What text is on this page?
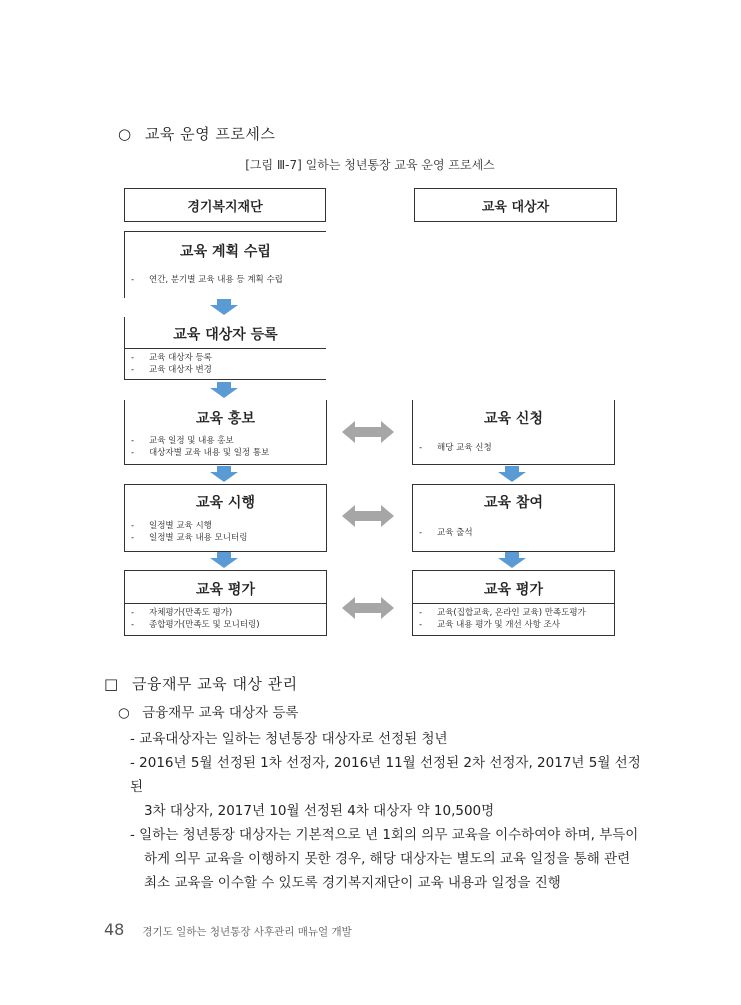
○ 교육 운영 프로세스
[그림 Ⅲ-7] 일하는 청년통장 교육 운영 프로세스
경기복지재단	교육 대상자
교육 계획 수립
- 연간, 분기별 교육 내용 등 계획 수립
교육 대상자 등록
- 교육 대상자 등록
- 교육 대상자 변경
교육 홍보
- 교육 일정 및 내용 홍보
- 대상자별 교육 내용 및 일정 통보
교육 시행
- 일정별 교육 시행
- 일정별 교육 내용 모니터링
교육 평가
- 자체평가(만족도 평가)
- 종합평가(만족도 및 모니터링)
교육 신청
- 해당 교육 신청
교육 참여
- 교육 출석
교육 평가
- 교육(집합교육, 온라인 교육) 만족도평가
- 교육 내용 평가 및 개선 사항 조사
□ 금융재무 교육 대상 관리
○ 금융재무 교육 대상자 등록
- 교육대상자는 일하는 청년통장 대상자로 선정된 청년
- 2016년 5월 선정된 1차 선정자, 2016년 11월 선정된 2차 선정자, 2017년 5월 선정된
3차 대상자, 2017년 10월 선정된 4차 대상자 약 10,500명
- 일하는 청년통장 대상자는 기본적으로 년 1회의 의무 교육을 이수하여야 하며, 부득이
하게 의무 교육을 이행하지 못한 경우, 해당 대상자는 별도의 교육 일정을 통해 관련
최소 교육을 이수할 수 있도록 경기복지재단이 교육 내용과 일정을 진행
48 경기도 일하는 청년통장 사후관리 매뉴얼 개발
